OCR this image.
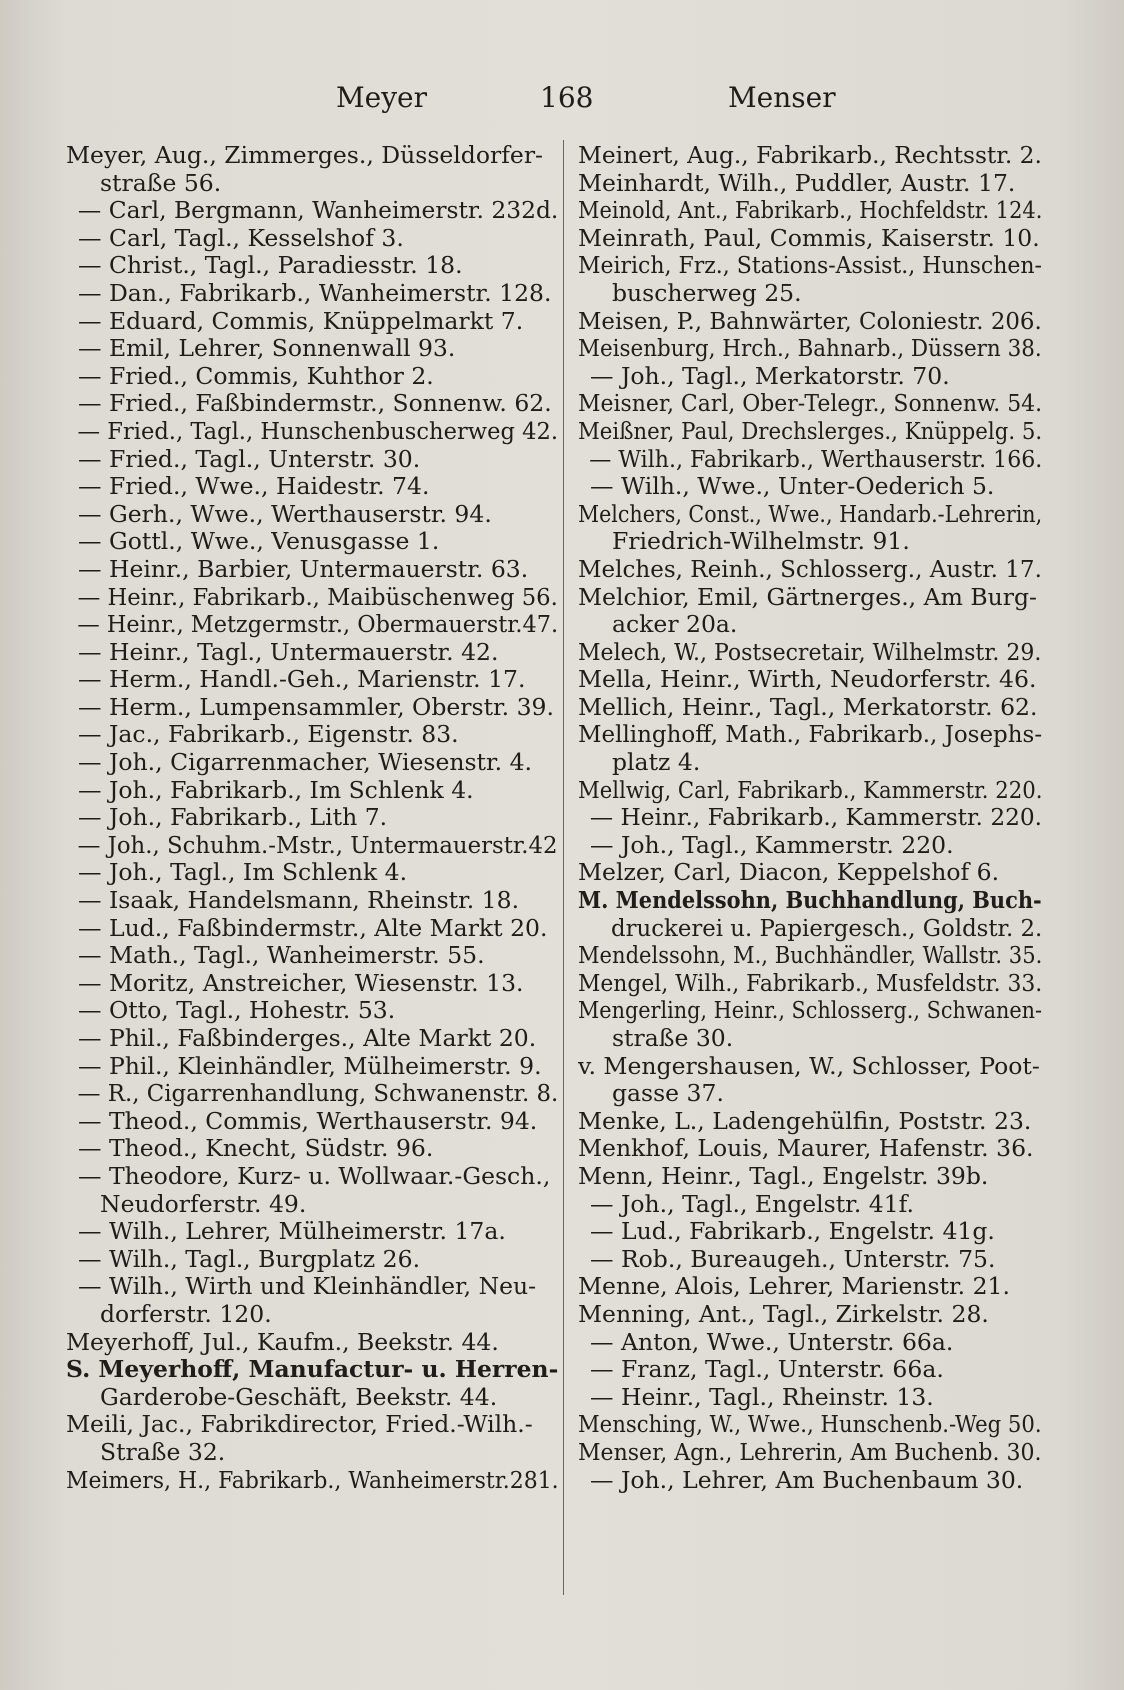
Meyer	168	Menser
Meyer, Aug., Zimmerges., Düsseldorfer-
straße 56.
— Carl, Bergmann, Wanheimerstr. 232d.
— Carl, Tagl., Kesselshof 3.
— Christ., Tagl., Paradiesstr. 18.
— Dan., Fabrikarb., Wanheimerstr. 128.
— Eduard, Commis, Knüppelmarkt 7.
— Emil, Lehrer, Sonnenwall 93.
— Fried., Commis, Kuhthor 2.
— Fried., Faßbindermstr., Sonnenw. 62.
— Fried., Tagl., Hunschenbuscherweg 42.
— Fried., Tagl., Unterstr. 30.
— Fried., Wwe., Haidestr. 74.
— Gerh., Wwe., Werthauserstr. 94.
— Gottl., Wwe., Venusgasse 1.
— Heinr., Barbier, Untermauerstr. 63.
— Heinr., Fabrikarb., Maibüschenweg 56.
— Heinr., Metzgermstr., Obermauerstr.47.
— Heinr., Tagl., Untermauerstr. 42.
— Herm., Handl.-Geh., Marienstr. 17.
— Herm., Lumpensammler, Oberstr. 39.
— Jac., Fabrikarb., Eigenstr. 83.
— Joh., Cigarrenmacher, Wiesenstr. 4.
— Joh., Fabrikarb., Im Schlenk 4.
— Joh., Fabrikarb., Lith 7.
— Joh., Schuhm.-Mstr., Untermauerstr.42
— Joh., Tagl., Im Schlenk 4.
— Isaak, Handelsmann, Rheinstr. 18.
— Lud., Faßbindermstr., Alte Markt 20.
— Math., Tagl., Wanheimerstr. 55.
— Moritz, Anstreicher, Wiesenstr. 13.
— Otto, Tagl., Hohestr. 53.
— Phil., Faßbinderges., Alte Markt 20.
— Phil., Kleinhändler, Mülheimerstr. 9.
— R., Cigarrenhandlung, Schwanenstr. 8.
— Theod., Commis, Werthauserstr. 94.
— Theod., Knecht, Südstr. 96.
— Theodore, Kurz- u. Wollwaar.-Gesch.,
Neudorferstr. 49.
— Wilh., Lehrer, Mülheimerstr. 17a.
— Wilh., Tagl., Burgplatz 26.
— Wilh., Wirth und Kleinhändler, Neu-
dorferstr. 120.
Meyerhoff, Jul., Kaufm., Beekstr. 44.
S. Meyerhoff, Manufactur- u. Herren-
Garderobe-Geschäft, Beekstr. 44.
Meili, Jac., Fabrikdirector, Fried.-Wilh.-
Straße 32.
Meimers, H., Fabrikarb., Wanheimerstr.281.
Meinert, Aug., Fabrikarb., Rechtsstr. 2.
Meinhardt, Wilh., Puddler, Austr. 17.
Meinold, Ant., Fabrikarb., Hochfeldstr. 124.
Meinrath, Paul, Commis, Kaiserstr. 10.
Meirich, Frz., Stations-Assist., Hunschen-
buscherweg 25.
Meisen, P., Bahnwärter, Coloniestr. 206.
Meisenburg, Hrch., Bahnarb., Düssern 38.
— Joh., Tagl., Merkatorstr. 70.
Meisner, Carl, Ober-Telegr., Sonnenw. 54.
Meißner, Paul, Drechslerges., Knüppelg. 5.
— Wilh., Fabrikarb., Werthauserstr. 166.
— Wilh., Wwe., Unter-Oederich 5.
Melchers, Const., Wwe., Handarb.-Lehrerin,
Friedrich-Wilhelmstr. 91.
Melches, Reinh., Schlosserg., Austr. 17.
Melchior, Emil, Gärtnerges., Am Burg-
acker 20a.
Melech, W., Postsecretair, Wilhelmstr. 29.
Mella, Heinr., Wirth, Neudorferstr. 46.
Mellich, Heinr., Tagl., Merkatorstr. 62.
Mellinghoff, Math., Fabrikarb., Josephs-
platz 4.
Mellwig, Carl, Fabrikarb., Kammerstr. 220.
— Heinr., Fabrikarb., Kammerstr. 220.
— Joh., Tagl., Kammerstr. 220.
Melzer, Carl, Diacon, Keppelshof 6.
M. Mendelssohn, Buchhandlung, Buch-
druckerei u. Papiergesch., Goldstr. 2.
Mendelssohn, M., Buchhändler, Wallstr. 35.
Mengel, Wilh., Fabrikarb., Musfeldstr. 33.
Mengerling, Heinr., Schlosserg., Schwanen-
straße 30.
v. Mengershausen, W., Schlosser, Poot-
gasse 37.
Menke, L., Ladengehülfin, Poststr. 23.
Menkhof, Louis, Maurer, Hafenstr. 36.
Menn, Heinr., Tagl., Engelstr. 39b.
— Joh., Tagl., Engelstr. 41f.
— Lud., Fabrikarb., Engelstr. 41g.
— Rob., Bureaugeh., Unterstr. 75.
Menne, Alois, Lehrer, Marienstr. 21.
Menning, Ant., Tagl., Zirkelstr. 28.
— Anton, Wwe., Unterstr. 66a.
— Franz, Tagl., Unterstr. 66a.
— Heinr., Tagl., Rheinstr. 13.
Mensching, W., Wwe., Hunschenb.-Weg 50.
Menser, Agn., Lehrerin, Am Buchenb. 30.
— Joh., Lehrer, Am Buchenbaum 30.
